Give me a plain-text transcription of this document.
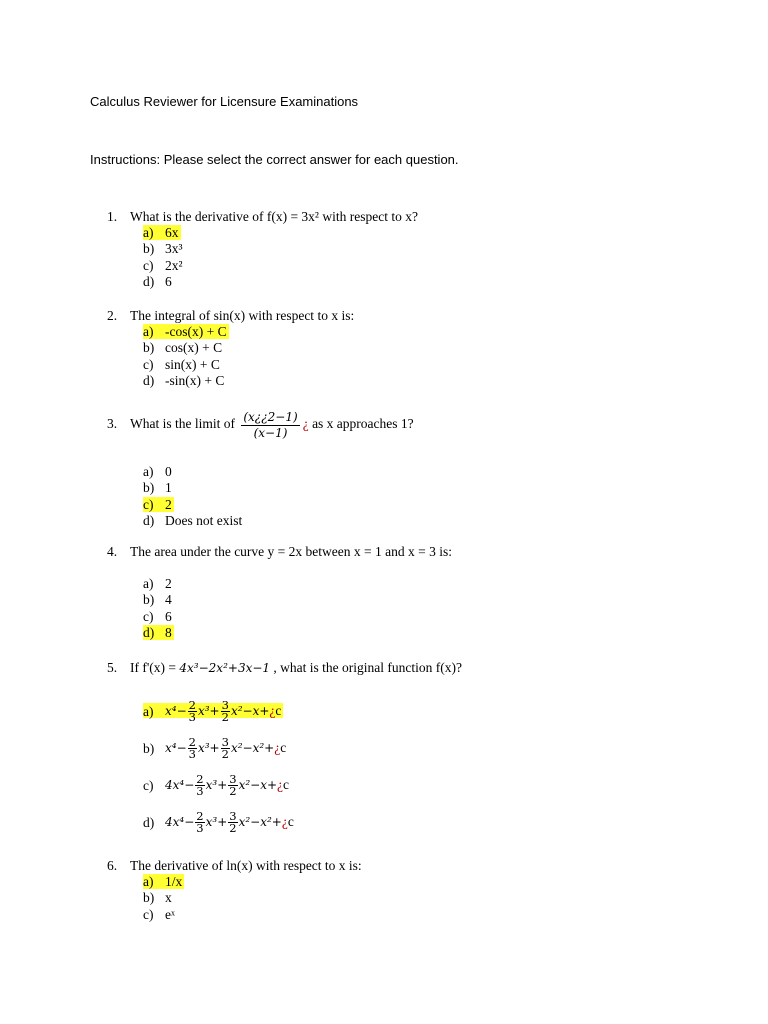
Calculus Reviewer for Licensure Examinations
Instructions: Please select the correct answer for each question.
1. What is the derivative of f(x) = 3x² with respect to x?
a) 6x
b) 3x³
c) 2x²
d) 6
2. The integral of sin(x) with respect to x is:
a) -cos(x) + C
b) cos(x) + C
c) sin(x) + C
d) -sin(x) + C
3. What is the limit of $\frac{(x¿¿2-1)}{(x-1)}$ ¿ as x approaches 1?
a) 0
b) 1
c) 2
d) Does not exist
4. The area under the curve y = 2x between x = 1 and x = 3 is:
a) 2
b) 4
c) 6
d) 8
5. If f'(x) = 4x³−2x²+3x−1 , what is the original function f(x)?
a) $x^4- \frac{2}{3} x^3+ \frac{3}{2}$ x²−x+¿c
b) $x^4- \frac{2}{3} x^3+ \frac{3}{2}$ x²−x²+¿c
c) $4x^4- \frac{2}{3} x^3+ \frac{3}{2}$ x²−x+¿c
d) $4x^4- \frac{2}{3} x^3+ \frac{3}{2}$ x²−x²+¿c
6. The derivative of ln(x) with respect to x is:
a) 1/x
b) x
c) eˣ
